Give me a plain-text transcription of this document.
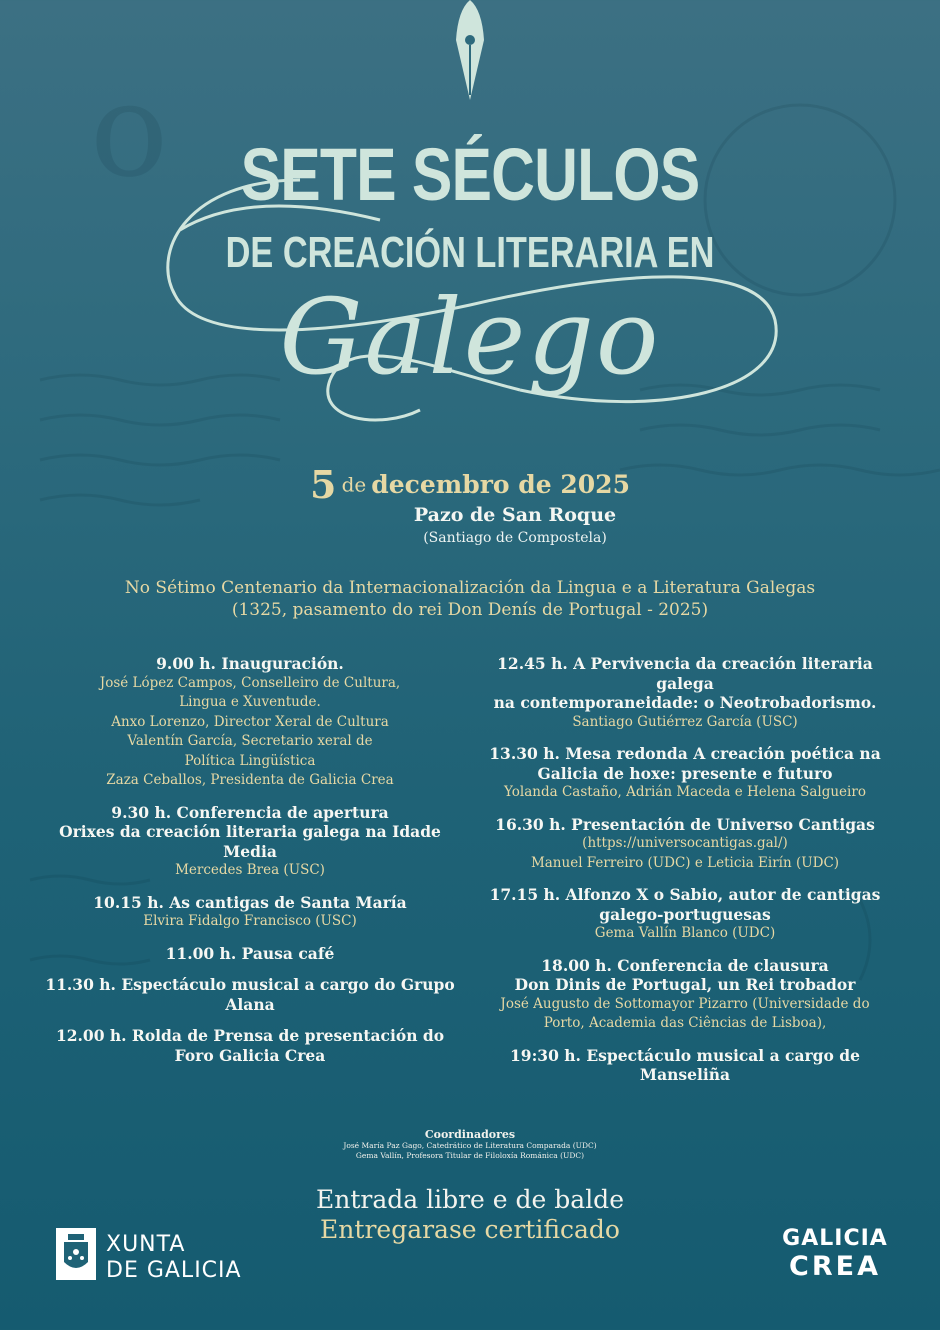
o SETE SÉCULOS
DE CREACIÓN LITERARIA EN
Galego
5 de decembro de 2025
Pazo de San Roque
(Santiago de Compostela)
No Sétimo Centenario da Internacionalización da Lingua e a Literatura Galegas
(1325, pasamento do rei Don Denís de Portugal - 2025)
9.00 h. Inauguración.
José López Campos, Conselleiro de Cultura,
Lingua e Xuventude.
Anxo Lorenzo, Director Xeral de Cultura
Valentín García, Secretario xeral de
Política Lingüística
Zaza Ceballos, Presidenta de Galicia Crea
9.30 h. Conferencia de apertura
Orixes da creación literaria galega na Idade
Media
Mercedes Brea (USC)
10.15 h. As cantigas de Santa María
Elvira Fidalgo Francisco (USC)
11.00 h. Pausa café
11.30 h. Espectáculo musical a cargo do Grupo
Alana
12.00 h. Rolda de Prensa de presentación do
Foro Galicia Crea
12.45 h. A Pervivencia da creación literaria galega
na contemporaneidade: o Neotrobadorismo.
Santiago Gutiérrez García (USC)
13.30 h. Mesa redonda A creación poética na
Galicia de hoxe: presente e futuro
Yolanda Castaño, Adrián Maceda e Helena Salgueiro
16.30 h. Presentación de Universo Cantigas
(https://universocantigas.gal/)
Manuel Ferreiro (UDC) e Leticia Eirín (UDC)
17.15 h. Alfonzo X o Sabio, autor de cantigas
galego-portuguesas
Gema Vallín Blanco (UDC)
18.00 h. Conferencia de clausura
Don Dinis de Portugal, un Rei trobador
José Augusto de Sottomayor Pizarro (Universidade do
Porto, Academia das Ciências de Lisboa),
19:30 h. Espectáculo musical a cargo de Manseliña
Coordinadores
José María Paz Gago, Catedrático de Literatura Comparada (UDC)
Gema Vallín, Profesora Titular de Filoloxía Románica (UDC)
Entrada libre e de balde
Entregarase certificado
XUNTA
DE GALICIA
GALICIA
CREA
